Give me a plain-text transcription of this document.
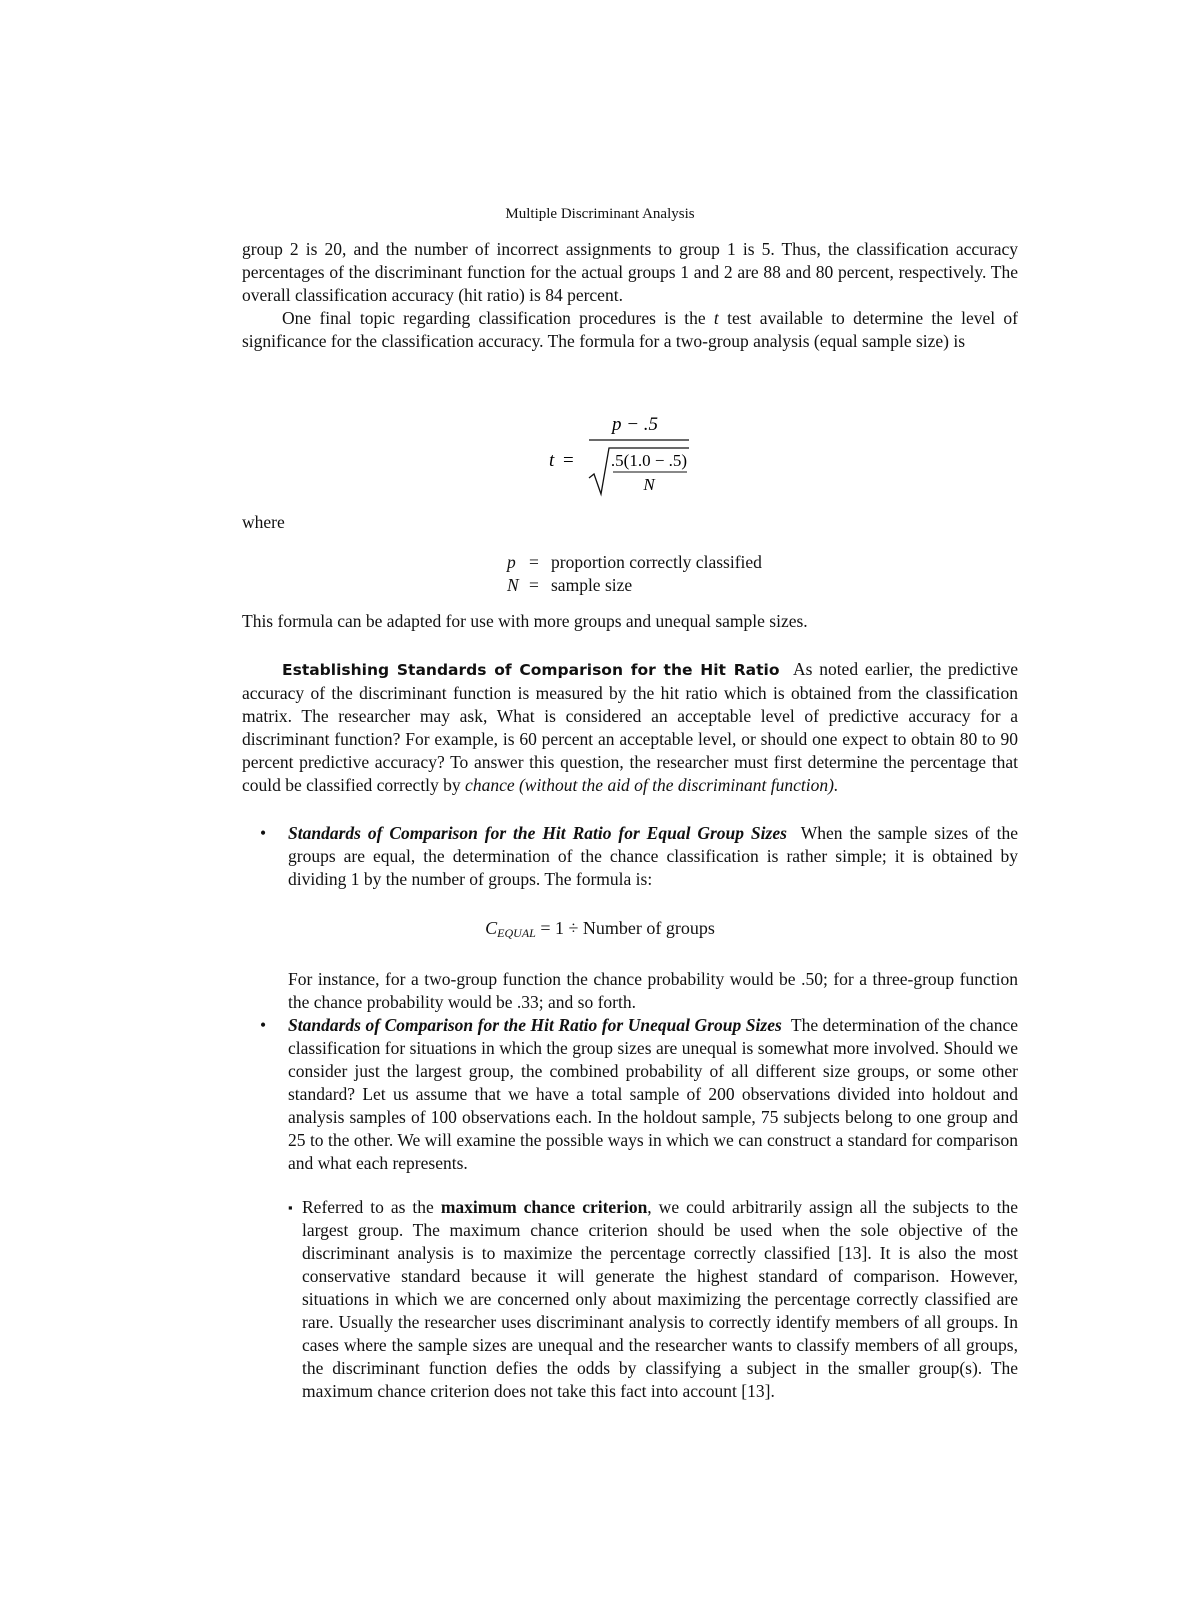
Multiple Discriminant Analysis

group 2 is 20, and the number of incorrect assignments to group 1 is 5. Thus, the classification accuracy percentages of the discriminant function for the actual groups 1 and 2 are 88 and 80 percent, respectively. The overall classification accuracy (hit ratio) is 84 percent.

One final topic regarding classification procedures is the t test available to determine the level of significance for the classification accuracy. The formula for a two-group analysis (equal sample size) is

t =
p − .5
.5(1.0 − .5)
N
where
p = proportion correctly classified
N = sample size
This formula can be adapted for use with more groups and unequal sample sizes.

Establishing Standards of Comparison for the Hit Ratio As noted earlier, the predictive accuracy of the discriminant function is measured by the hit ratio which is obtained from the classification matrix. The researcher may ask, What is considered an acceptable level of predictive accuracy for a discriminant function? For example, is 60 percent an acceptable level, or should one expect to obtain 80 to 90 percent predictive accuracy? To answer this question, the researcher must first determine the percentage that could be classified correctly by chance (without the aid of the discriminant function).

• Standards of Comparison for the Hit Ratio for Equal Group Sizes When the sample sizes of the groups are equal, the determination of the chance classification is rather simple; it is obtained by dividing 1 by the number of groups. The formula is:

$C_{EQUAL} = 1$ ÷ Number of groups

For instance, for a two-group function the chance probability would be .50; for a three-group function the chance probability would be .33; and so forth.

• Standards of Comparison for the Hit Ratio for Unequal Group Sizes The determination of the chance classification for situations in which the group sizes are unequal is somewhat more involved. Should we consider just the largest group, the combined probability of all different size groups, or some other standard? Let us assume that we have a total sample of 200 observations divided into holdout and analysis samples of 100 observations each. In the holdout sample, 75 subjects belong to one group and 25 to the other. We will examine the possible ways in which we can construct a standard for comparison and what each represents.

▪ Referred to as the maximum chance criterion, we could arbitrarily assign all the subjects to the largest group. The maximum chance criterion should be used when the sole objective of the discriminant analysis is to maximize the percentage correctly classified [13]. It is also the most conservative standard because it will generate the highest standard of comparison. However, situations in which we are concerned only about maximizing the percentage correctly classified are rare. Usually the researcher uses discriminant analysis to correctly identify members of all groups. In cases where the sample sizes are unequal and the researcher wants to classify members of all groups, the discriminant function defies the odds by classifying a subject in the smaller group(s). The maximum chance criterion does not take this fact into account [13].
